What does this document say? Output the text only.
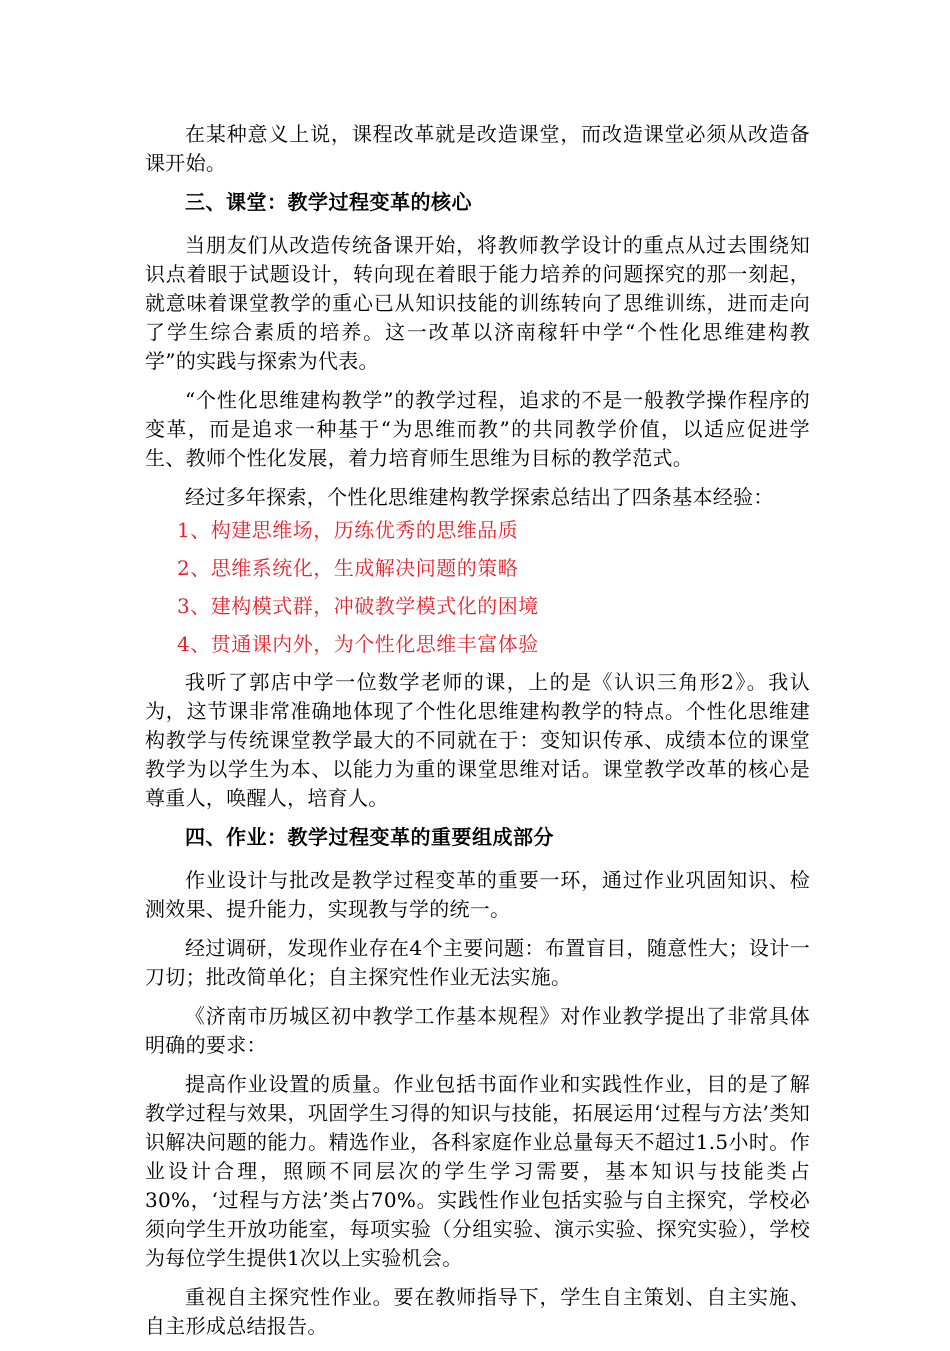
在某种意义上说，课程改革就是改造课堂，而改造课堂必须从改造备课开始。

三、课堂：教学过程变革的核心

当朋友们从改造传统备课开始，将教师教学设计的重点从过去围绕知识点着眼于试题设计，转向现在着眼于能力培养的问题探究的那一刻起，就意味着课堂教学的重心已从知识技能的训练转向了思维训练，进而走向了学生综合素质的培养。这一改革以济南稼轩中学“个性化思维建构教学”的实践与探索为代表。

“个性化思维建构教学”的教学过程，追求的不是一般教学操作程序的变革，而是追求一种基于“为思维而教”的共同教学价值，以适应促进学生、教师个性化发展，着力培育师生思维为目标的教学范式。

经过多年探索，个性化思维建构教学探索总结出了四条基本经验：

1、构建思维场，历练优秀的思维品质

2、思维系统化，生成解决问题的策略

3、建构模式群，冲破教学模式化的困境

4、贯通课内外，为个性化思维丰富体验

我听了郭店中学一位数学老师的课，上的是《认识三角形2》。我认为，这节课非常准确地体现了个性化思维建构教学的特点。个性化思维建构教学与传统课堂教学最大的不同就在于：变知识传承、成绩本位的课堂教学为以学生为本、以能力为重的课堂思维对话。课堂教学改革的核心是尊重人，唤醒人，培育人。

四、作业：教学过程变革的重要组成部分

作业设计与批改是教学过程变革的重要一环，通过作业巩固知识、检测效果、提升能力，实现教与学的统一。

经过调研，发现作业存在4个主要问题：布置盲目，随意性大；设计一刀切；批改简单化；自主探究性作业无法实施。

《济南市历城区初中教学工作基本规程》对作业教学提出了非常具体明确的要求：

提高作业设置的质量。作业包括书面作业和实践性作业，目的是了解教学过程与效果，巩固学生习得的知识与技能，拓展运用‘过程与方法’类知识解决问题的能力。精选作业，各科家庭作业总量每天不超过1.5小时。作业设计合理，照顾不同层次的学生学习需要，基本知识与技能类占30%，‘过程与方法’类占70%。实践性作业包括实验与自主探究，学校必须向学生开放功能室，每项实验（分组实验、演示实验、探究实验），学校为每位学生提供1次以上实验机会。

重视自主探究性作业。要在教师指导下，学生自主策划、自主实施、自主形成总结报告。
